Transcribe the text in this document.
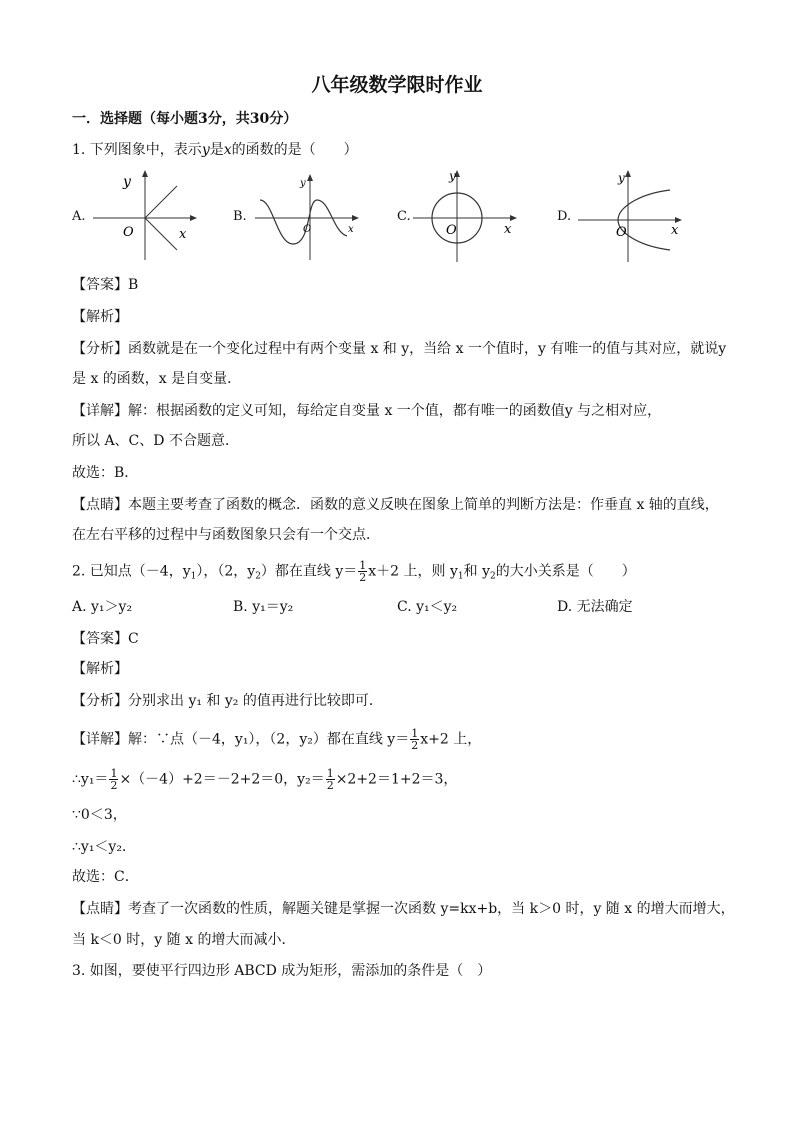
八年级数学限时作业
一．选择题（每小题3分，共30分）
1. 下列图象中，表示y是x的函数的是（　　）
A.
y
O	x
B.
y
O	x
C.
y
O	x
D.
y
O	x
【答案】B
【解析】
【分析】函数就是在一个变化过程中有两个变量 x 和 y，当给 x 一个值时，y 有唯一的值与其对应，就说y
是 x 的函数，x 是自变量．
【详解】解：根据函数的定义可知，每给定自变量 x 一个值，都有唯一的函数值y 与之相对应，
所以 A、C、D 不合题意．
故选：B．
【点睛】本题主要考查了函数的概念．函数的意义反映在图象上简单的判断方法是：作垂直 x 轴的直线，
在左右平移的过程中与函数图象只会有一个交点．
2. 已知点（－4，$y_1$），（2，$y_2$）都在直线 $y= \frac{1}{2} x+2$ 上，则 $y_1$和 $y_2$的大小关系是（　　）
A. y₁＞y₂	B. y₁＝y₂	C. y₁＜y₂	D. 无法确定
【答案】C
【解析】
【分析】分别求出 y₁ 和 y₂ 的值再进行比较即可．
【详解】解：∵点（－4，y₁），（2，y₂）都在直线 $y= \frac{1}{2} x+2$ 上，
∴y₁＝ $\frac{1}{2} \times(-4)+2=-2+2=0$，$y_2= \frac{1}{2} \times 2+2=1+2=3$，
∵0＜3，
∴y₁＜y₂．
故选：C．
【点睛】考查了一次函数的性质，解题关键是掌握一次函数 y=kx+b，当 k＞0 时，y 随 x 的增大而增大，
当 k＜0 时，y 随 x 的增大而减小．
3. 如图，要使平行四边形 ABCD 成为矩形，需添加的条件是（　）
